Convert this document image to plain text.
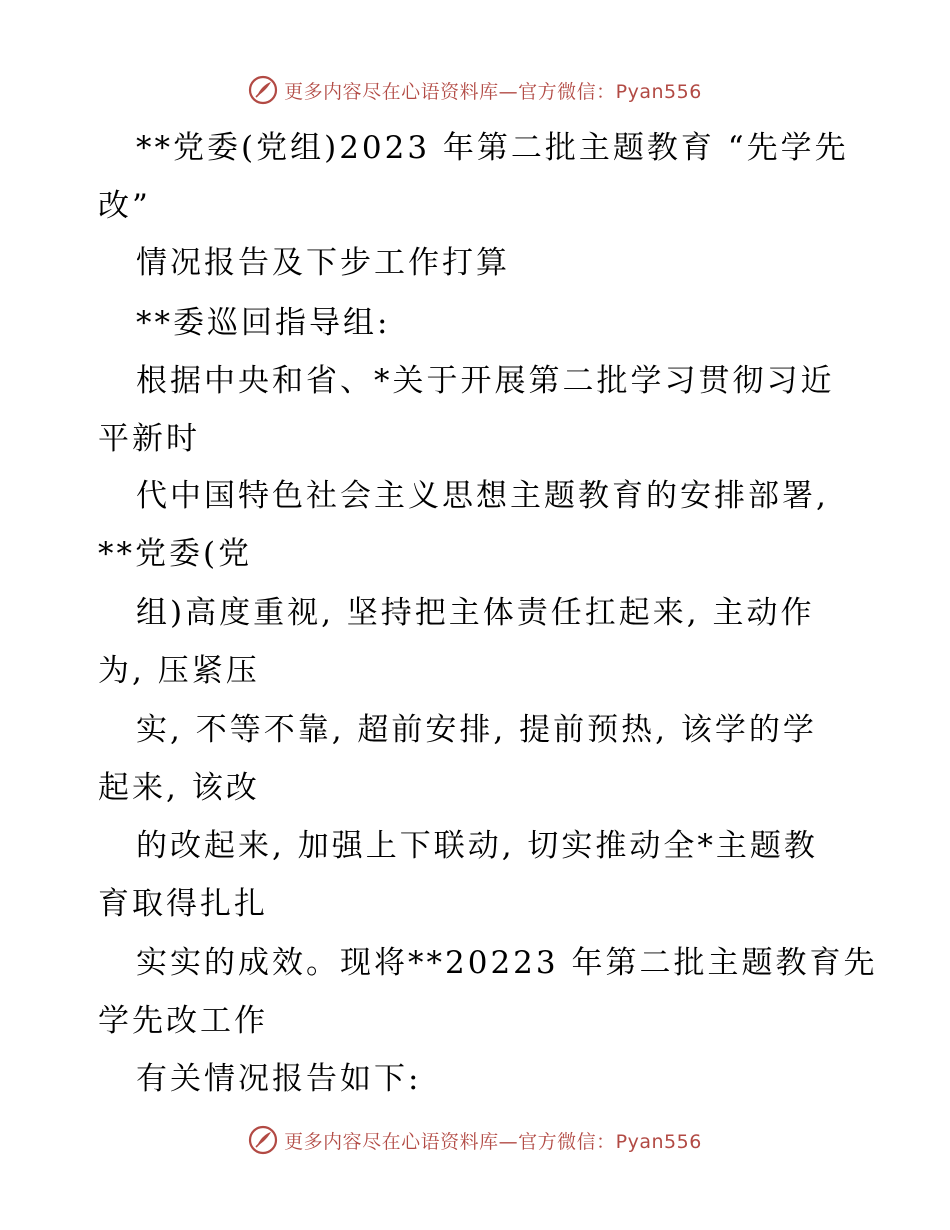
更多内容尽在心语资料库—官方微信：Pyan556
**党委(党组)2023 年第二批主题教育 “先学先
改”
情况报告及下步工作打算
**委巡回指导组:
根据中央和省、*关于开展第二批学习贯彻习近
平新时
代中国特色社会主义思想主题教育的安排部署,
**党委(党
组)高度重视, 坚持把主体责任扛起来, 主动作
为, 压紧压
实, 不等不靠, 超前安排, 提前预热, 该学的学
起来, 该改
的改起来, 加强上下联动, 切实推动全*主题教
育取得扎扎
实实的成效。现将**20223 年第二批主题教育先
学先改工作
有关情况报告如下:
更多内容尽在心语资料库—官方微信：Pyan556
